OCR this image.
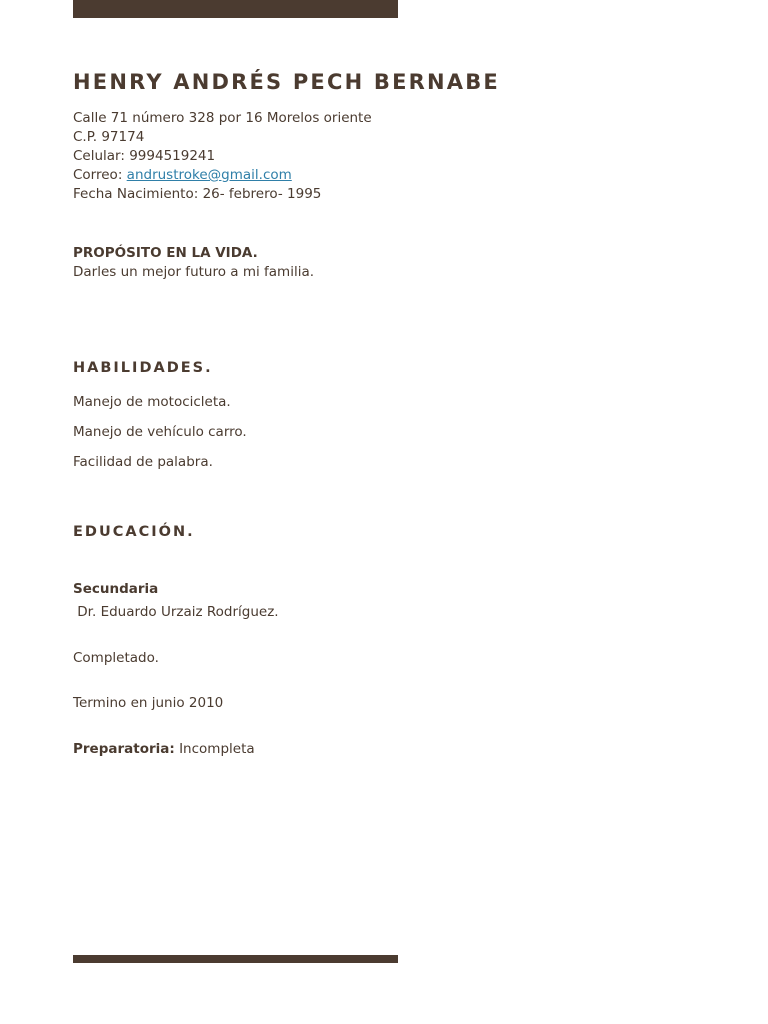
HENRY ANDRÉS PECH BERNABE
Calle 71 número 328 por 16 Morelos oriente
C.P. 97174
Celular: 9994519241
Correo: andrustroke@gmail.com
Fecha Nacimiento: 26- febrero- 1995
PROPÓSITO EN LA VIDA.
Darles un mejor futuro a mi familia.
HABILIDADES.
Manejo de motocicleta.
Manejo de vehículo carro.
Facilidad de palabra.
EDUCACIÓN.
Secundaria
Dr. Eduardo Urzaiz Rodríguez.
Completado.
Termino en junio 2010
Preparatoria: Incompleta
